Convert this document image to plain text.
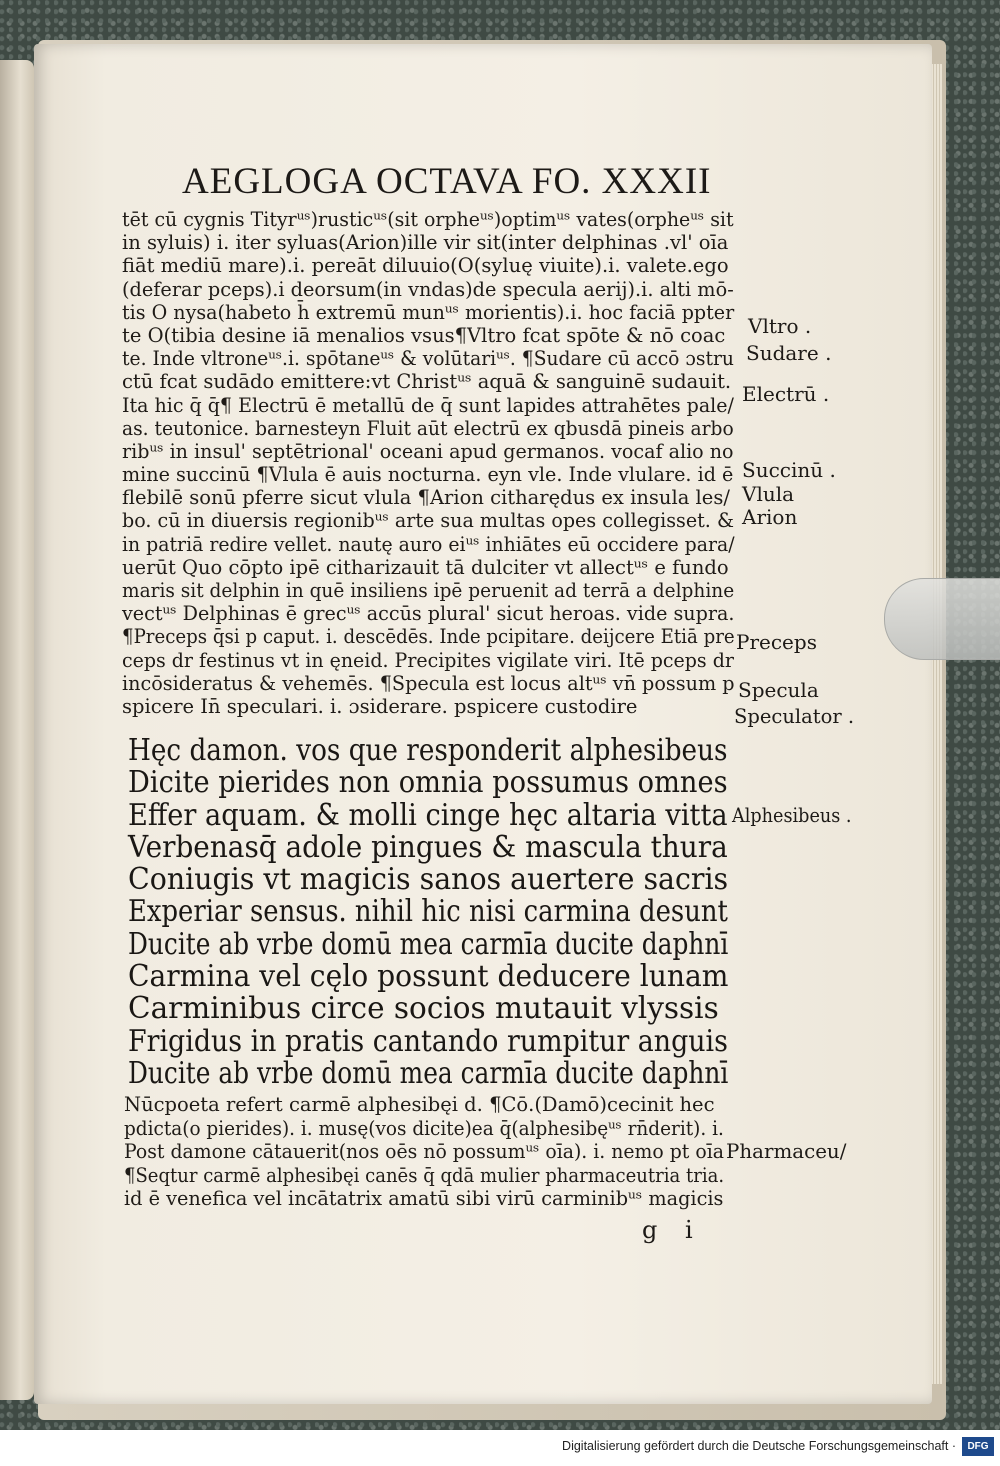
AEGLOGA OCTAVA FO. XXXII
tēt cū cygnis Tityrᵘˢ)rusticᵘˢ(sit orpheᵘˢ)optimᵘˢ vates(orpheᵘˢ sit
in syluis) i. iter syluas(Arion)ille vir sit(inter delphinas .vl' oīa
fiāt mediū mare).i. pereāt diluuio(O(syluę viuite).i. valete.ego
(deferar pceps).i deorsum(in vndas)de specula aerij).i. alti mō-
tis O nysa(habeto h̄ extremū munᵘˢ morientis).i. hoc faciā ppter
te O(tibia desine iā menalios vsus¶Vltro fcat spōte & nō coac
te. Inde vltroneᵘˢ.i. spōtaneᵘˢ & volūtariᵘˢ. ¶Sudare cū accō ɔstru
ctū fcat sudādo emittere:vt Christᵘˢ aquā & sanguinē sudauit.
Ita hic q̄ q̄¶ Electrū ē metallū de q̄ sunt lapides attrahētes pale/
as. teutonice. barnesteyn Fluit aūt electrū ex qbusdā pineis arbo
ribᵘˢ in insul' septētrional' oceani apud germanos. vocaf alio no
mine succinū ¶Vlula ē auis nocturna. eyn vle. Inde vlulare. id ē
flebilē sonū pferre sicut vlula ¶Arion citharędus ex insula les/
bo. cū in diuersis regionibᵘˢ arte sua multas opes collegisset. &
in patriā redire vellet. nautę auro eiᵘˢ inhiātes eū occidere para/
uerūt Quo cōpto ipē citharizauit tā dulciter vt allectᵘˢ e fundo
maris sit delphin in quē insiliens ipē peruenit ad terrā a delphine
vectᵘˢ Delphinas ē grecᵘˢ accūs plural' sicut heroas. vide supra.
¶Preceps q̄si p caput. i. descēdēs. Inde pcipitare. deijcere Etiā pre
ceps dr festinus vt in ęneid. Precipites vigilate viri. Itē pceps dr
incōsideratus & vehemēs. ¶Specula est locus altᵘˢ vn̄ possum p
spicere In̄ speculari. i. ɔsiderare. pspicere custodire
Hęc damon. vos que responderit alphesibeus
Dicite pierides non omnia possumus omnes
Effer aquam. & molli cinge hęc altaria vitta
Verbenasq̄ adole pingues & mascula thura
Coniugis vt magicis sanos auertere sacris
Experiar sensus. nihil hic nisi carmina desunt
Ducite ab vrbe domū mea carmīa ducite daphnī
Carmina vel cęlo possunt deducere lunam
Carminibus circe socios mutauit vlyssis
Frigidus in pratis cantando rumpitur anguis
Ducite ab vrbe domū mea carmīa ducite daphnī
Nūcpoeta refert carmē alphesibęi d. ¶Cō.(Damō)cecinit hec
pdicta(o pierides). i. musę(vos dicite)ea q̄(alphesibęᵘˢ rn̄derit). i.
Post damone cātauerit(nos oēs nō possumᵘˢ oīa). i. nemo pt oīa
¶Seqtur carmē alphesibęi canēs q̄ qdā mulier pharmaceutria tria.
id ē venefica vel incātatrix amatū sibi virū carminibᵘˢ magicis
Vltro .
Sudare .
Electrū .
Succinū .
Vlula
Arion
Preceps
Specula
Speculator .
Alphesibeus .
Pharmaceu/
g i
Digitalisierung gefördert durch die Deutsche Forschungsgemeinschaft ·	DFG
